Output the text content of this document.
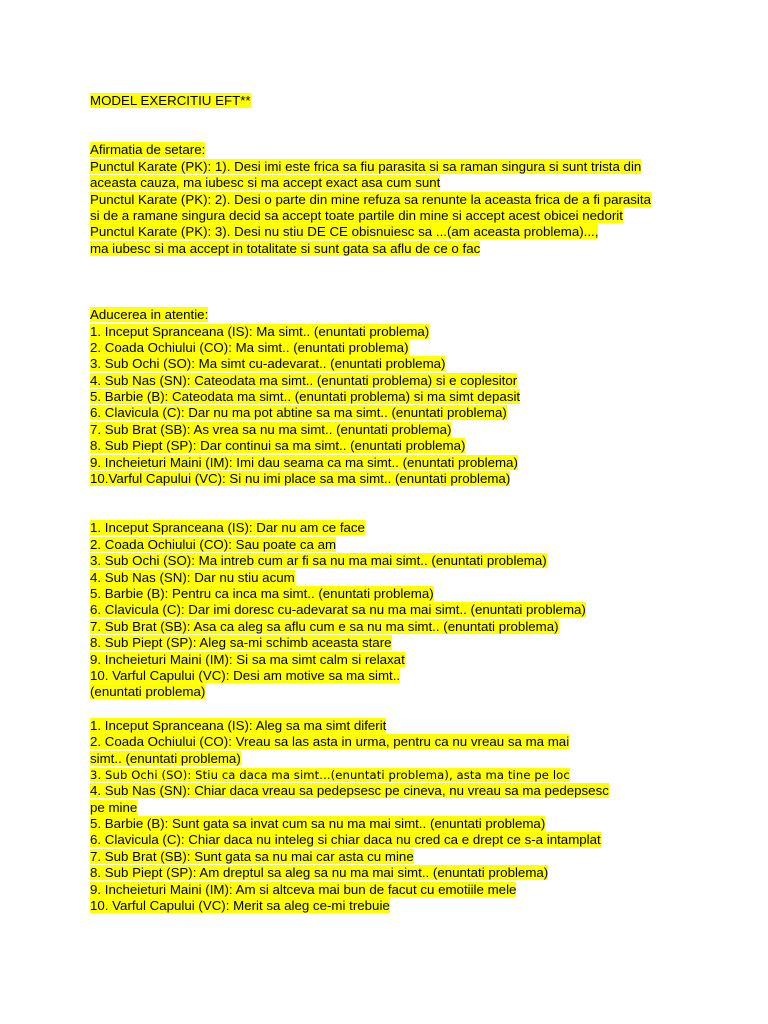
MODEL EXERCITIU EFT**
Afirmatia de setare:
Punctul Karate (PK): 1). Desi imi este frica sa fiu parasita si sa raman singura si sunt trista din
aceasta cauza, ma iubesc si ma accept exact asa cum sunt
Punctul Karate (PK): 2). Desi o parte din mine refuza sa renunte la aceasta frica de a fi parasita
si de a ramane singura decid sa accept toate partile din mine si accept acest obicei nedorit
Punctul Karate (PK): 3). Desi nu stiu DE CE obisnuiesc sa ...(am aceasta problema)...,
ma iubesc si ma accept in totalitate si sunt gata sa aflu de ce o fac
Aducerea in atentie:
1. Inceput Spranceana (IS): Ma simt.. (enuntati problema)
2. Coada Ochiului (CO): Ma simt.. (enuntati problema)
3. Sub Ochi (SO): Ma simt cu-adevarat.. (enuntati problema)
4. Sub Nas (SN): Cateodata ma simt.. (enuntati problema) si e coplesitor
5. Barbie (B): Cateodata ma simt.. (enuntati problema) si ma simt depasit
6. Clavicula (C): Dar nu ma pot abtine sa ma simt.. (enuntati problema)
7. Sub Brat (SB): As vrea sa nu ma simt.. (enuntati problema)
8. Sub Piept (SP): Dar continui sa ma simt.. (enuntati problema)
9. Incheieturi Maini (IM): Imi dau seama ca ma simt.. (enuntati problema)
10.Varful Capului (VC): Si nu imi place sa ma simt.. (enuntati problema)
1. Inceput Spranceana (IS): Dar nu am ce face
2. Coada Ochiului (CO): Sau poate ca am
3. Sub Ochi (SO): Ma intreb cum ar fi sa nu ma mai simt.. (enuntati problema)
4. Sub Nas (SN): Dar nu stiu acum
5. Barbie (B): Pentru ca inca ma simt.. (enuntati problema)
6. Clavicula (C): Dar imi doresc cu-adevarat sa nu ma mai simt.. (enuntati problema)
7. Sub Brat (SB): Asa ca aleg sa aflu cum e sa nu ma simt.. (enuntati problema)
8. Sub Piept (SP): Aleg sa-mi schimb aceasta stare
9. Incheieturi Maini (IM): Si sa ma simt calm si relaxat
10. Varful Capului (VC): Desi am motive sa ma simt..
(enuntati problema)
1. Inceput Spranceana (IS): Aleg sa ma simt diferit
2. Coada Ochiului (CO): Vreau sa las asta in urma, pentru ca nu vreau sa ma mai
simt.. (enuntati problema)
3. Sub Ochi (SO): Stiu ca daca ma simt...(enuntati problema), asta ma tine pe loc
4. Sub Nas (SN): Chiar daca vreau sa pedepsesc pe cineva, nu vreau sa ma pedepsesc
pe mine
5. Barbie (B): Sunt gata sa invat cum sa nu ma mai simt.. (enuntati problema)
6. Clavicula (C): Chiar daca nu inteleg si chiar daca nu cred ca e drept ce s-a intamplat
7. Sub Brat (SB): Sunt gata sa nu mai car asta cu mine
8. Sub Piept (SP): Am dreptul sa aleg sa nu ma mai simt.. (enuntati problema)
9. Incheieturi Maini (IM): Am si altceva mai bun de facut cu emotiile mele
10. Varful Capului (VC): Merit sa aleg ce-mi trebuie
